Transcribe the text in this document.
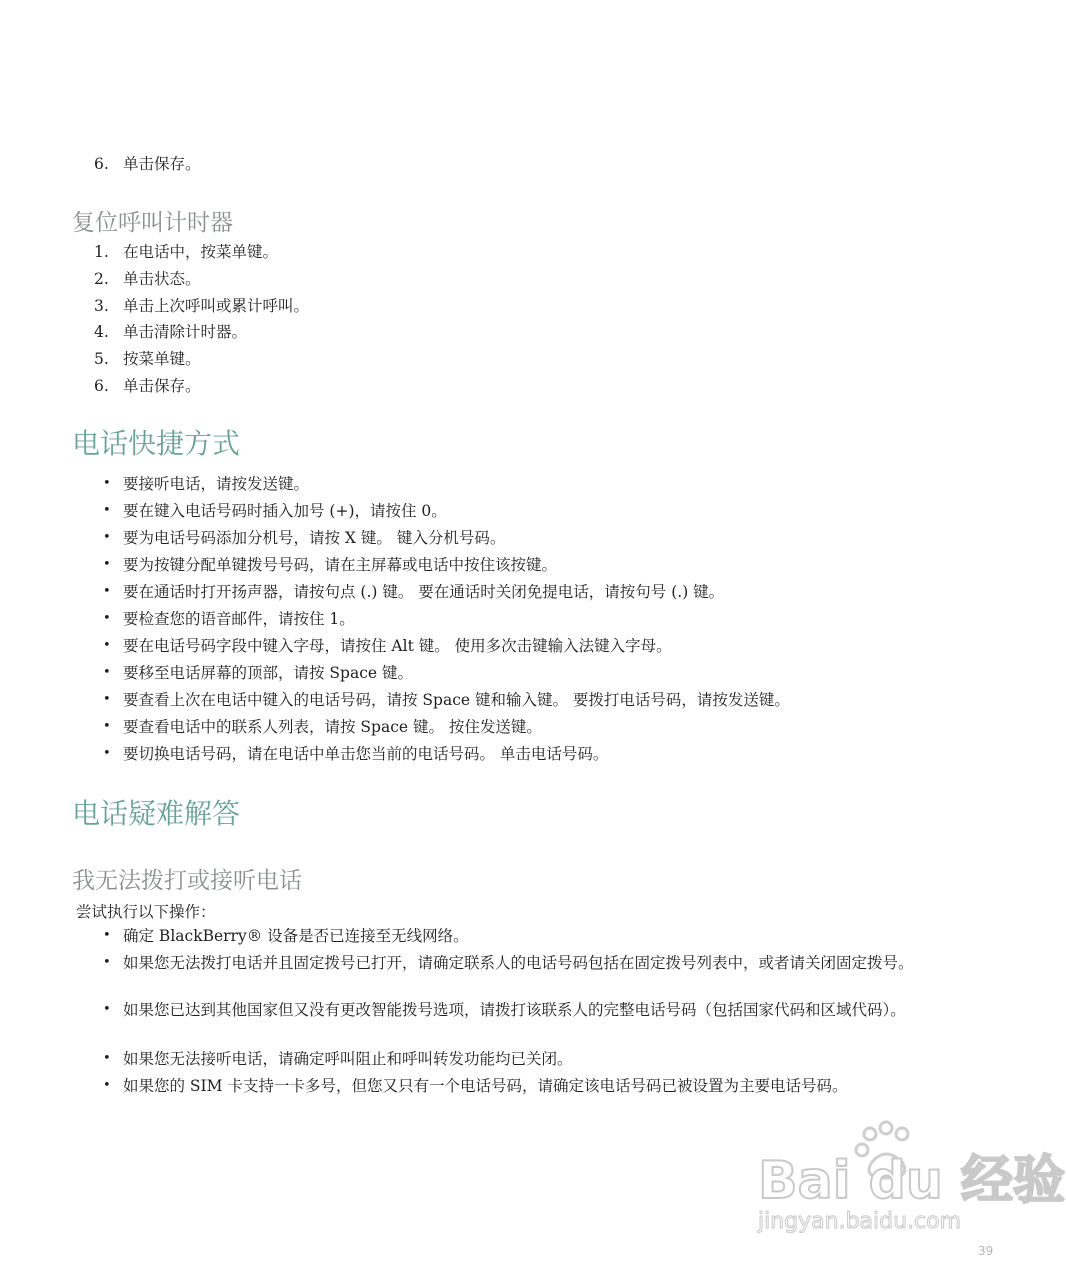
6. 单击保存。
复位呼叫计时器
1. 在电话中，按菜单键。
2. 单击状态。
3. 单击上次呼叫或累计呼叫。
4. 单击清除计时器。
5. 按菜单键。
6. 单击保存。
电话快捷方式
• 要接听电话，请按发送键。
• 要在键入电话号码时插入加号 (+)，请按住 0。
• 要为电话号码添加分机号，请按 X 键。 键入分机号码。
• 要为按键分配单键拨号号码，请在主屏幕或电话中按住该按键。
• 要在通话时打开扬声器，请按句点 (.) 键。 要在通话时关闭免提电话，请按句号 (.) 键。
• 要检查您的语音邮件，请按住 1。
• 要在电话号码字段中键入字母，请按住 Alt 键。 使用多次击键输入法键入字母。
• 要移至电话屏幕的顶部，请按 Space 键。
• 要查看上次在电话中键入的电话号码，请按 Space 键和输入键。 要拨打电话号码，请按发送键。
• 要查看电话中的联系人列表，请按 Space 键。 按住发送键。
• 要切换电话号码，请在电话中单击您当前的电话号码。 单击电话号码。
电话疑难解答
我无法拨打或接听电话
尝试执行以下操作：
• 确定 BlackBerry® 设备是否已连接至无线网络。
• 如果您无法拨打电话并且固定拨号已打开，请确定联系人的电话号码包括在固定拨号列表中，或者请关闭固定拨号。
• 如果您已达到其他国家但又没有更改智能拨号选项，请拨打该联系人的完整电话号码（包括国家代码和区域代码）。
• 如果您无法接听电话，请确定呼叫阻止和呼叫转发功能均已关闭。
• 如果您的 SIM 卡支持一卡多号，但您又只有一个电话号码，请确定该电话号码已被设置为主要电话号码。
Bai du 经验
jingyan.baidu.com
39
